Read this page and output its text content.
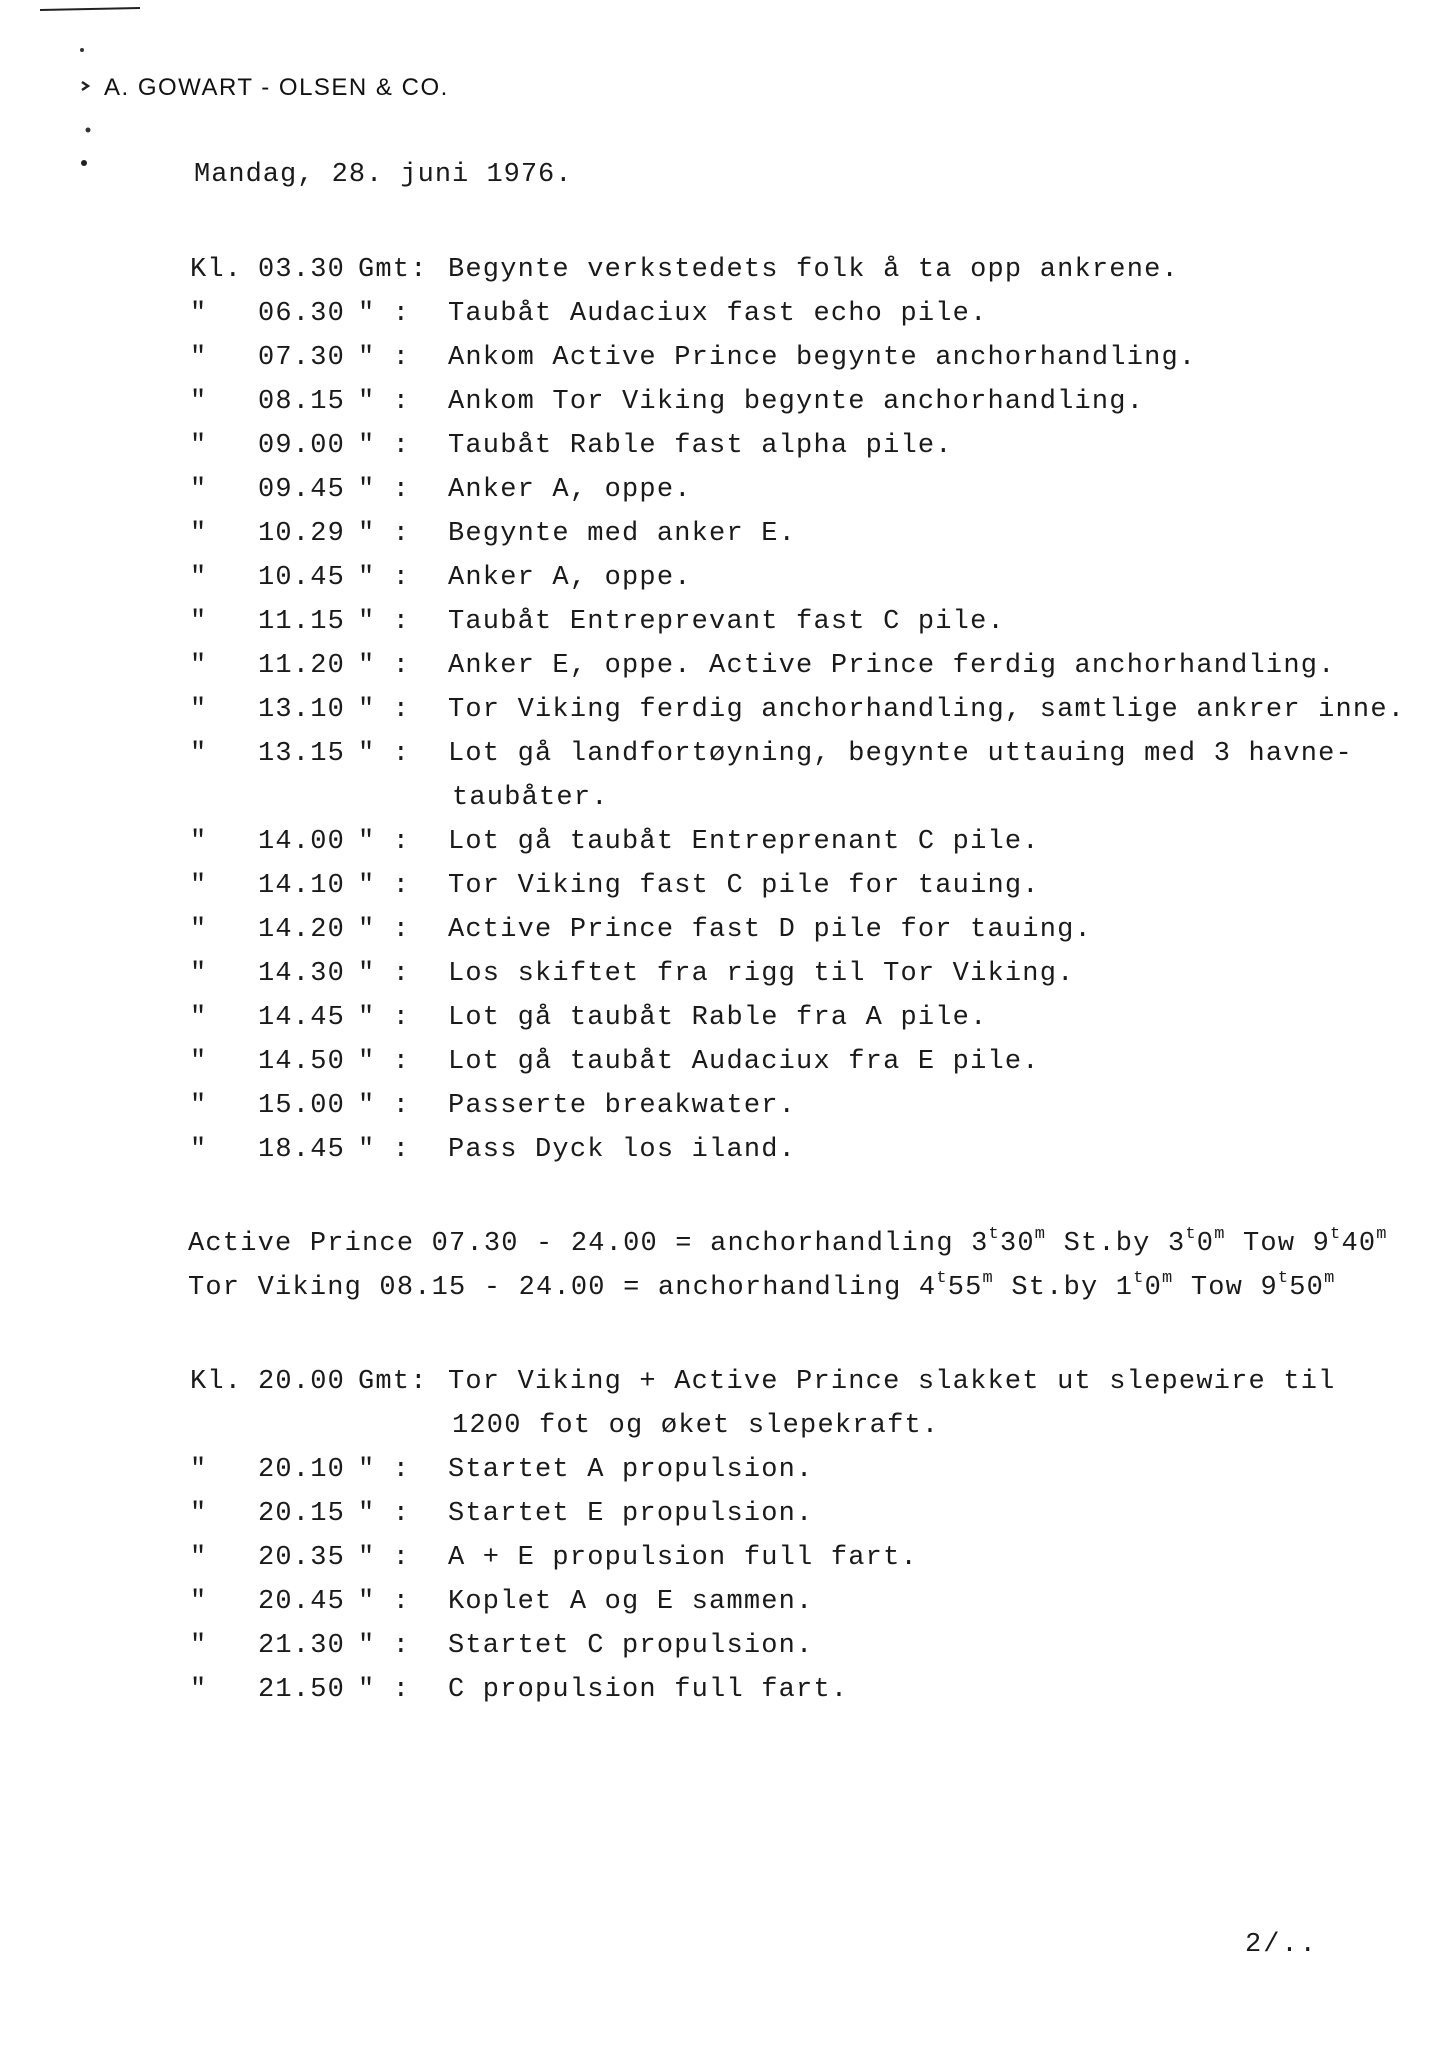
A. GOWART - OLSEN & CO.
Mandag, 28. juni 1976.
Kl. 03.30 Gmt: Begynte verkstedets folk å ta opp ankrene.
" 06.30 " : Taubåt Audaciux fast echo pile.
" 07.30 " : Ankom Active Prince begynte anchorhandling.
" 08.15 " : Ankom Tor Viking begynte anchorhandling.
" 09.00 " : Taubåt Rable fast alpha pile.
" 09.45 " : Anker A, oppe.
" 10.29 " : Begynte med anker E.
" 10.45 " : Anker A, oppe.
" 11.15 " : Taubåt Entreprevant fast C pile.
" 11.20 " : Anker E, oppe. Active Prince ferdig anchorhandling.
" 13.10 " : Tor Viking ferdig anchorhandling, samtlige ankrer inne.
" 13.15 " : Lot gå landfortøyning, begynte uttauing med 3 havne-
taubåter.
" 14.00 " : Lot gå taubåt Entreprenant C pile.
" 14.10 " : Tor Viking fast C pile for tauing.
" 14.20 " : Active Prince fast D pile for tauing.
" 14.30 " : Los skiftet fra rigg til Tor Viking.
" 14.45 " : Lot gå taubåt Rable fra A pile.
" 14.50 " : Lot gå taubåt Audaciux fra E pile.
" 15.00 " : Passerte breakwater.
" 18.45 " : Pass Dyck los iland.
Active Prince 07.30 - 24.00 = anchorhandling 3$^t$30$^m$ St.by 3$^t$0$^m$ Tow 9$^t$40$^m$
Tor Viking 08.15 - 24.00 = anchorhandling 4$^t$55$^m$ St.by 1$^t$0$^m$ Tow 9$^t$50$^m$
Kl. 20.00 Gmt: Tor Viking + Active Prince slakket ut slepewire til
1200 fot og øket slepekraft.
" 20.10 " : Startet A propulsion.
" 20.15 " : Startet E propulsion.
" 20.35 " : A + E propulsion full fart.
" 20.45 " : Koplet A og E sammen.
" 21.30 " : Startet C propulsion.
" 21.50 " : C propulsion full fart.
2/..
